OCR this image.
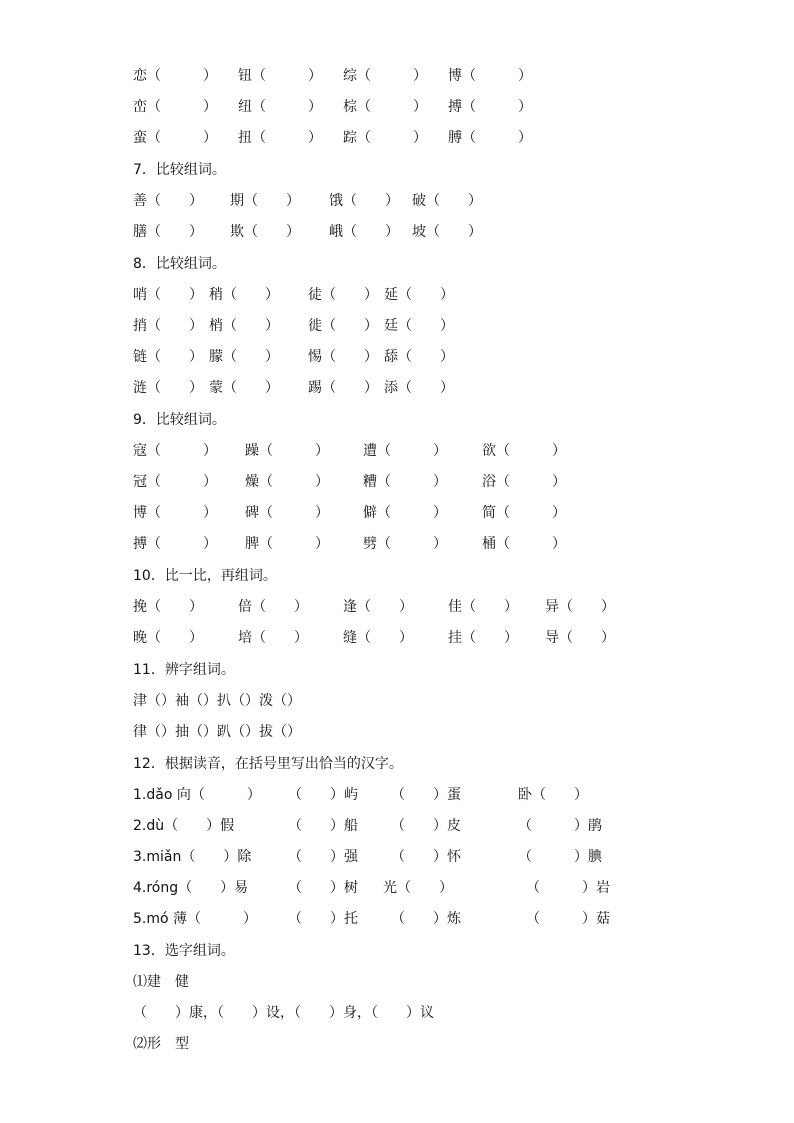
恋（　　　） 钮（　　　） 综（　　　） 博（　　　）
峦（　　　） 纽（　　　） 棕（　　　） 搏（　　　）
蛮（　　　） 扭（　　　） 踪（　　　） 膊（　　　）
7．比较组词。
善（　　） 期（　　） 饿（　　） 破（　　）
膳（　　） 欺（　　） 峨（　　） 坡（　　）
8．比较组词。
哨（　　） 稍（　　） 徒（　　） 延（　　）
捎（　　） 梢（　　） 徙（　　） 廷（　　）
链（　　） 朦（　　） 惕（　　） 舔（　　）
涟（　　） 蒙（　　） 踢（　　） 添（　　）
9．比较组词。
寇（　　　） 躁（　　　） 遭（　　　）	欲（　　　）
冠（　　　） 燥（　　　） 糟（　　　）	浴（　　　）
博（　　　） 碑（　　　） 僻（　　　）	简（　　　）
搏（　　　） 脾（　　　） 劈（　　　）	桶（　　　）
10．比一比，再组词。
挽（　　）	倍（　　）	逢（　　）	佳（　　） 异（　　）
晚（　　）	培（　　）	缝（　　）	挂（　　） 导（　　）
11．辨字组词。
津（）袖（）扒（）泼（）
律（）抽（）趴（）拔（）
12．根据读音，在括号里写出恰当的汉字。
1.dǎo 向（　　　） （　　）屿 （　　）蛋	卧（　　）
2.dù（　　）假	（　　）船 （　　）皮	（　　　）鹃
3.miǎn（　　）除	（　　）强 （　　）怀	（　　　）腆
4.róng（　　）易	（　　）树 光（　　）	（　　　）岩
5.mó 薄（　　　） （　　）托 （　　）炼	（　　　）菇
13．选字组词。
⑴建　健
（　　）康，（　　）设，（　　）身，（　　）议
⑵形　型
